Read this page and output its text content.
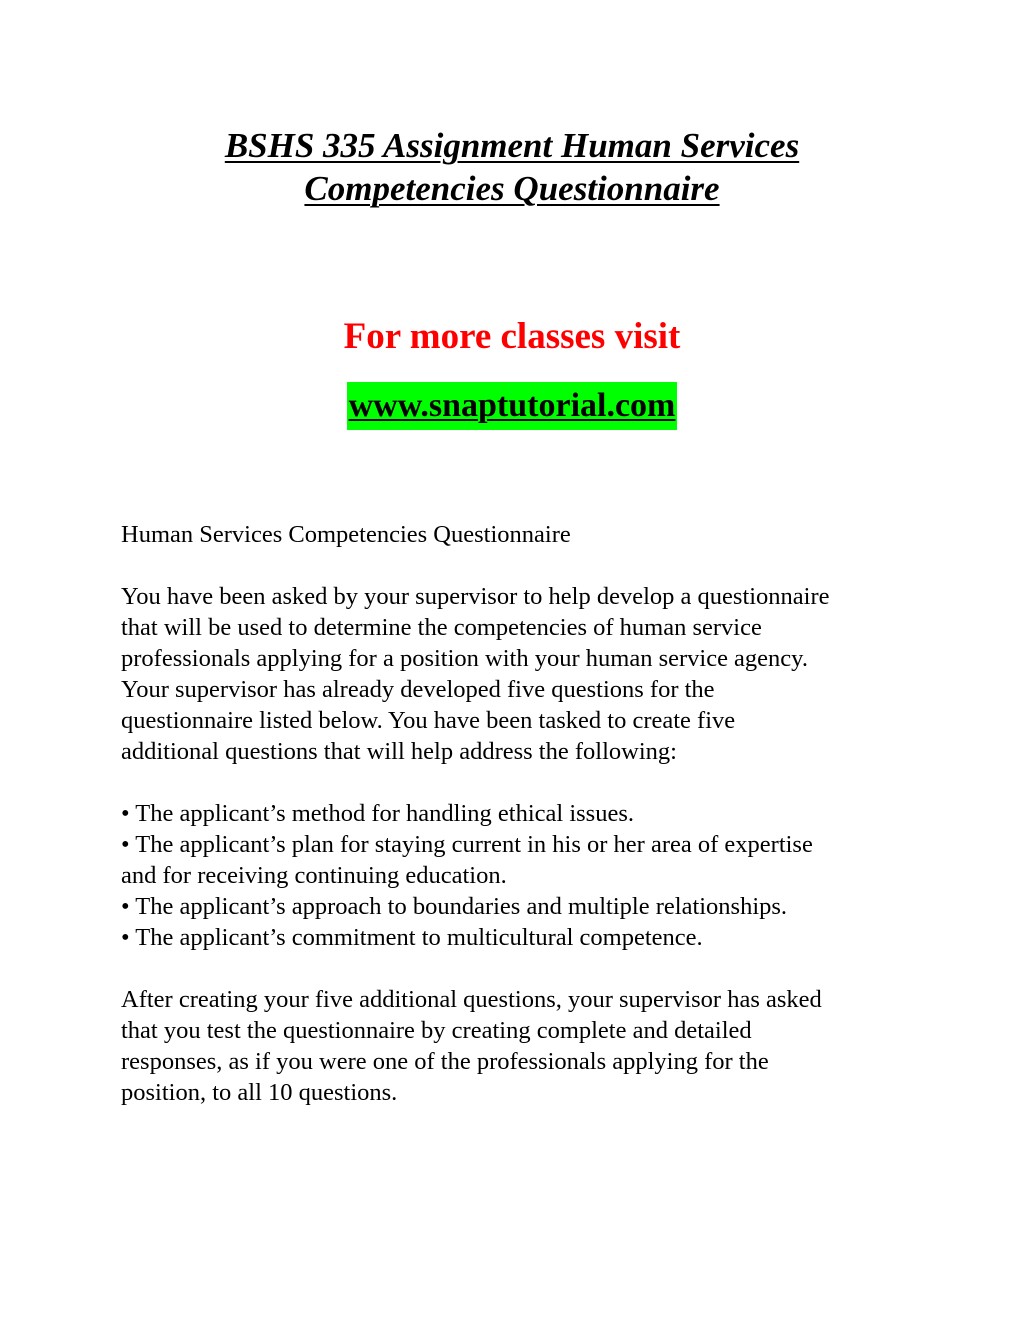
BSHS 335 Assignment Human Services
Competencies Questionnaire
For more classes visit
www.snaptutorial.com

Human Services Competencies Questionnaire

You have been asked by your supervisor to help develop a questionnaire

that will be used to determine the competencies of human service

professionals applying for a position with your human service agency.

Your supervisor has already developed five questions for the

questionnaire listed below. You have been tasked to create five

additional questions that will help address the following:

• The applicant’s method for handling ethical issues.
• The applicant’s plan for staying current in his or her area of expertise
and for receiving continuing education.
• The applicant’s approach to boundaries and multiple relationships.
• The applicant’s commitment to multicultural competence.

After creating your five additional questions, your supervisor has asked

that you test the questionnaire by creating complete and detailed

responses, as if you were one of the professionals applying for the

position, to all 10 questions.
